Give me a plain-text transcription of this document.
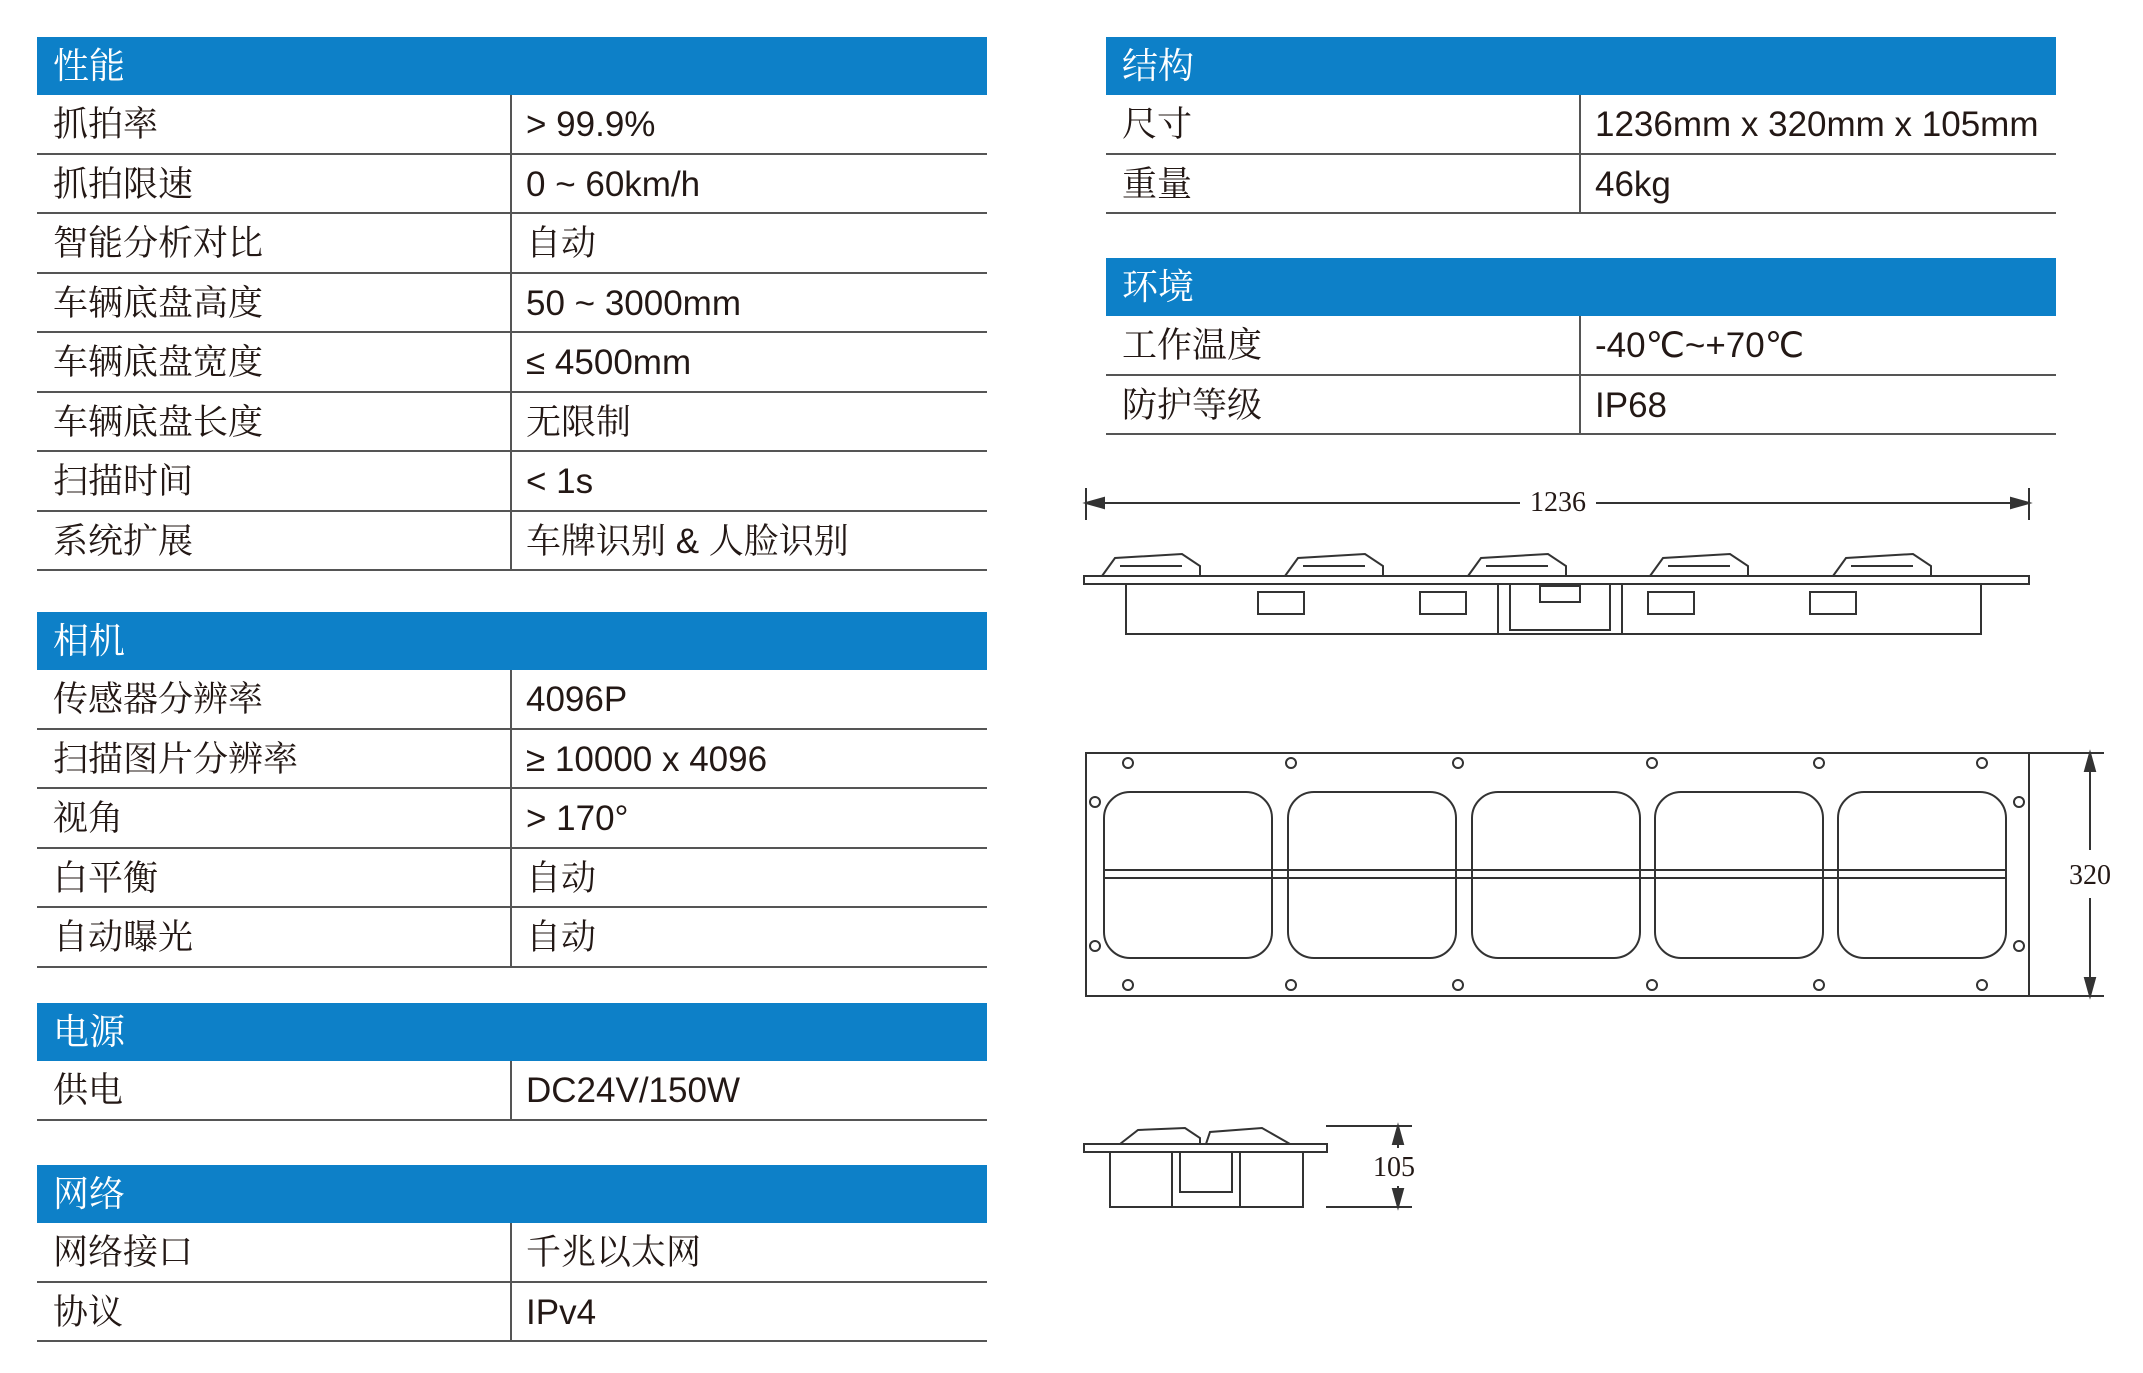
性能
抓拍率	> 99.9%
抓拍限速	0 ~ 60km/h
智能分析对比	自动
车辆底盘高度	50 ~ 3000mm
车辆底盘宽度	≤ 4500mm
车辆底盘长度	无限制
扫描时间	< 1s
系统扩展	车牌识别 & 人脸识别
相机
传感器分辨率	4096P
扫描图片分辨率	≥ 10000 x 4096
视角	> 170°
白平衡	自动
自动曝光	自动
电源
供电	DC24V/150W
网络
网络接口	千兆以太网
协议	IPv4
结构
尺寸	1236mm x 320mm x 105mm
重量	46kg
环境
工作温度	-40℃~+70℃
防护等级	IP68
1236
320
105
